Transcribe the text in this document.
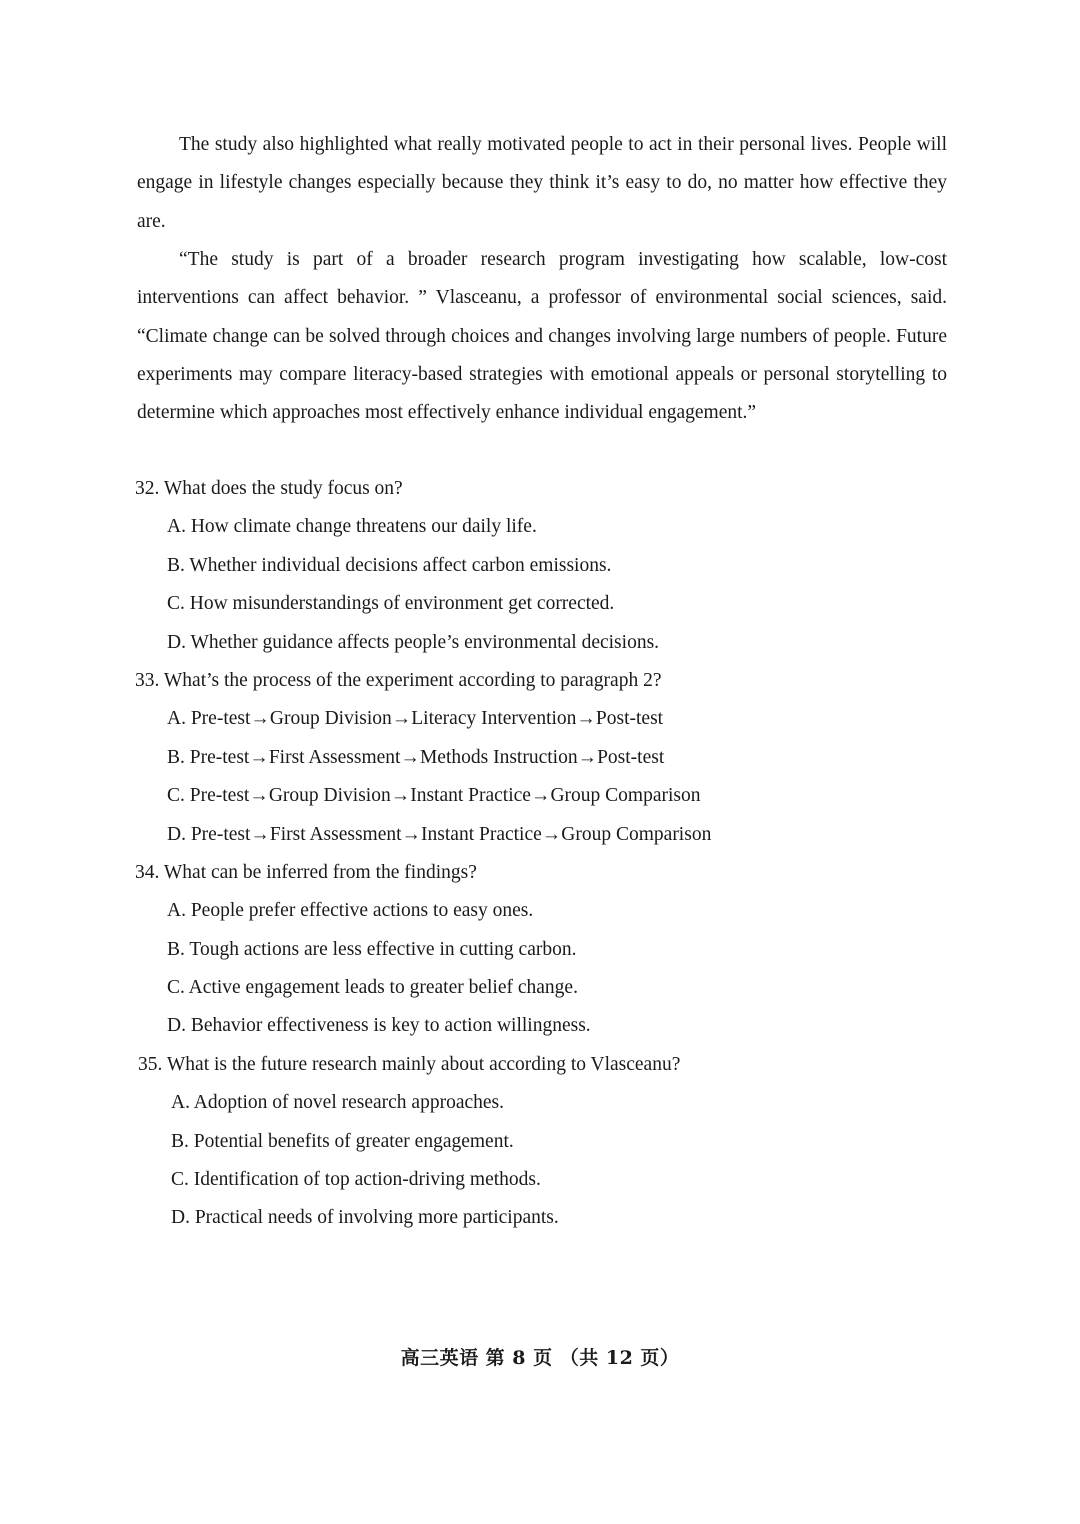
The study also highlighted what really motivated people to act in their personal lives. People will engage in lifestyle changes especially because they think it’s easy to do, no matter how effective they are.

“The study is part of a broader research program investigating how scalable, low-cost interventions can affect behavior. ” Vlasceanu, a professor of environmental social sciences, said. “Climate change can be solved through choices and changes involving large numbers of people. Future experiments may compare literacy-based strategies with emotional appeals or personal storytelling to determine which approaches most effectively enhance individual engagement.”

32. What does the study focus on?
A. How climate change threatens our daily life.
B. Whether individual decisions affect carbon emissions.
C. How misunderstandings of environment get corrected.
D. Whether guidance affects people’s environmental decisions.
33. What’s the process of the experiment according to paragraph 2?
A. Pre-test→Group Division→Literacy Intervention→Post-test
B. Pre-test→First Assessment→Methods Instruction→Post-test
C. Pre-test→Group Division→Instant Practice→Group Comparison
D. Pre-test→First Assessment→Instant Practice→Group Comparison
34. What can be inferred from the findings?
A. People prefer effective actions to easy ones.
B. Tough actions are less effective in cutting carbon.
C. Active engagement leads to greater belief change.
D. Behavior effectiveness is key to action willingness.
35. What is the future research mainly about according to Vlasceanu?
A. Adoption of novel research approaches.
B. Potential benefits of greater engagement.
C. Identification of top action-driving methods.
D. Practical needs of involving more participants.
高三英语 第 8 页 （共 12 页）
